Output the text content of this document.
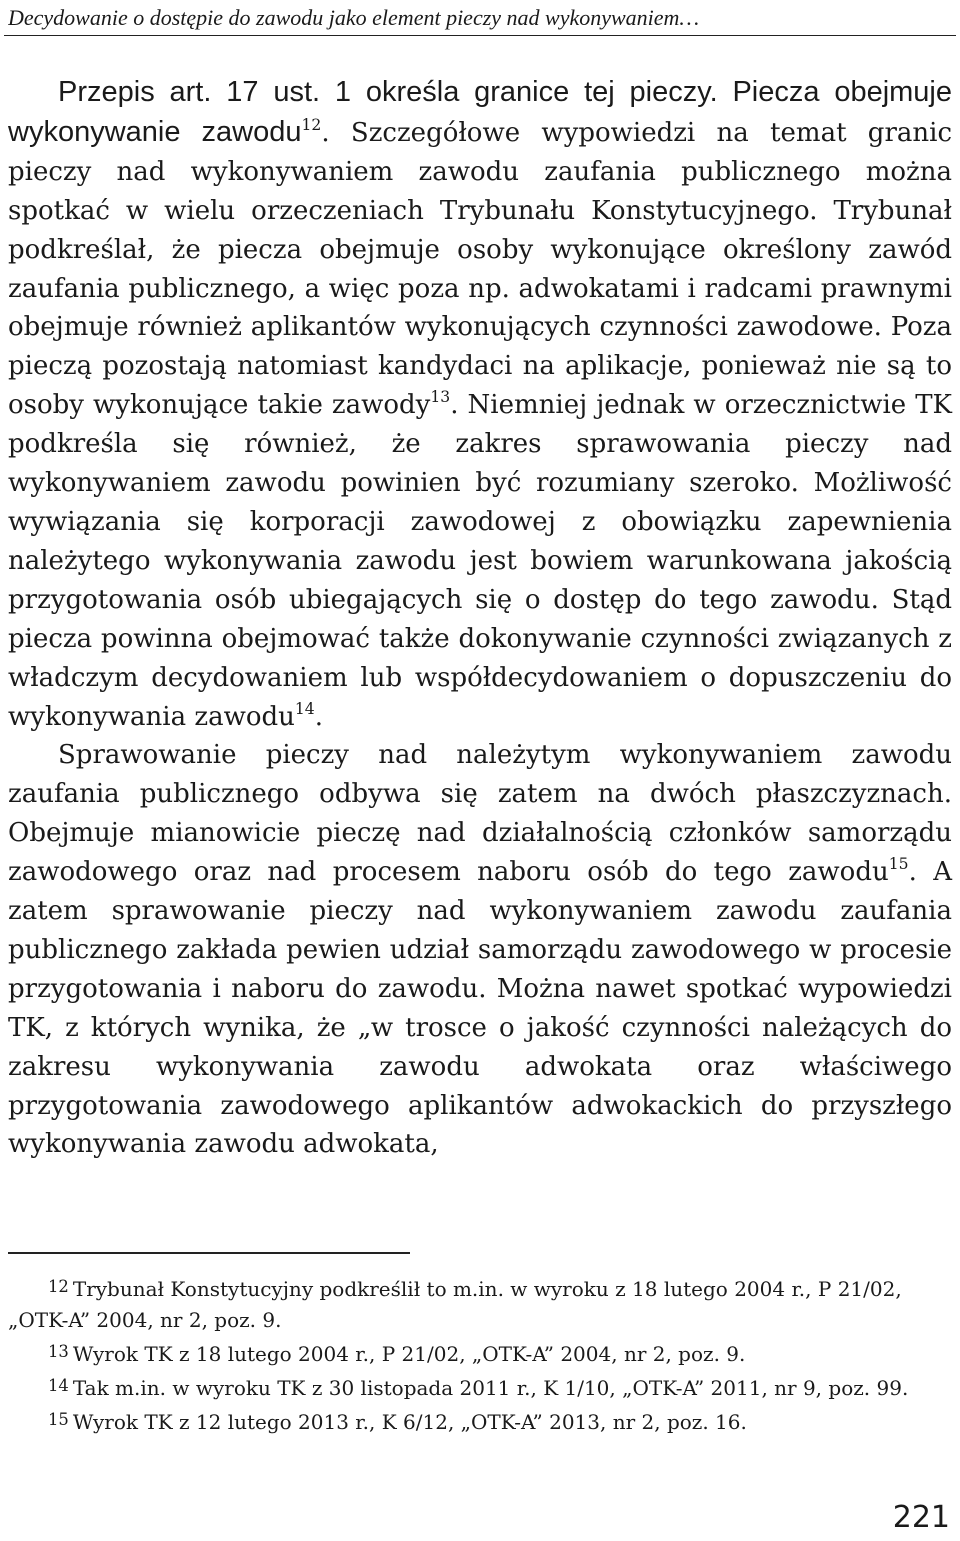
Decydowanie o dostępie do zawodu jako element pieczy nad wykonywaniem…

Przepis art. 17 ust. 1 określa granice tej pieczy. Piecza obejmuje wykonywanie zawodu$^{12}$. Szczegółowe wypowiedzi na temat granic pieczy nad wykonywaniem zawodu zaufania publicznego można spotkać w wielu orzeczeniach Trybunału Konstytucyjnego. Trybunał podkreślał, że piecza obejmuje osoby wykonujące określony zawód zaufania publicznego, a więc poza np. adwokatami i radcami prawnymi obejmuje również aplikantów wykonujących czynności zawodowe. Poza pieczą pozostają natomiast kandydaci na aplikacje, ponieważ nie są to osoby wykonujące takie zawody$^{13}$. Niemniej jednak w orzecznictwie TK podkreśla się również, że zakres sprawowania pieczy nad wykonywaniem zawodu powinien być rozumiany szeroko. Możliwość wywiązania się korporacji zawodowej z obowiązku zapewnienia należytego wykonywania zawodu jest bowiem warunkowana jakością przygotowania osób ubiegających się o dostęp do tego zawodu. Stąd piecza powinna obejmować także dokonywanie czynności związanych z władczym decydowaniem lub współdecydowaniem o dopuszczeniu do wykonywania zawodu$^{14}$.

Sprawowanie pieczy nad należytym wykonywaniem zawodu zaufania publicznego odbywa się zatem na dwóch płaszczyznach. Obejmuje mianowicie pieczę nad działalnością członków samorządu zawodowego oraz nad procesem naboru osób do tego zawodu$^{15}$. A zatem sprawowanie pieczy nad wykonywaniem zawodu zaufania publicznego zakłada pewien udział samorządu zawodowego w procesie przygotowania i naboru do zawodu. Można nawet spotkać wypowiedzi TK, z których wynika, że „w trosce o jakość czynności należących do zakresu wykonywania zawodu adwokata oraz właściwego przygotowania zawodowego aplikantów adwokackich do przyszłego wykonywania zawodu adwokata,

$^{12}$ Trybunał Konstytucyjny podkreślił to m.in. w wyroku z 18 lutego 2004 r., P 21/02, „OTK-A” 2004, nr 2, poz. 9.

$^{13}$ Wyrok TK z 18 lutego 2004 r., P 21/02, „OTK-A” 2004, nr 2, poz. 9.

$^{14}$ Tak m.in. w wyroku TK z 30 listopada 2011 r., K 1/10, „OTK-A” 2011, nr 9, poz. 99.

$^{15}$ Wyrok TK z 12 lutego 2013 r., K 6/12, „OTK-A” 2013, nr 2, poz. 16.

221
